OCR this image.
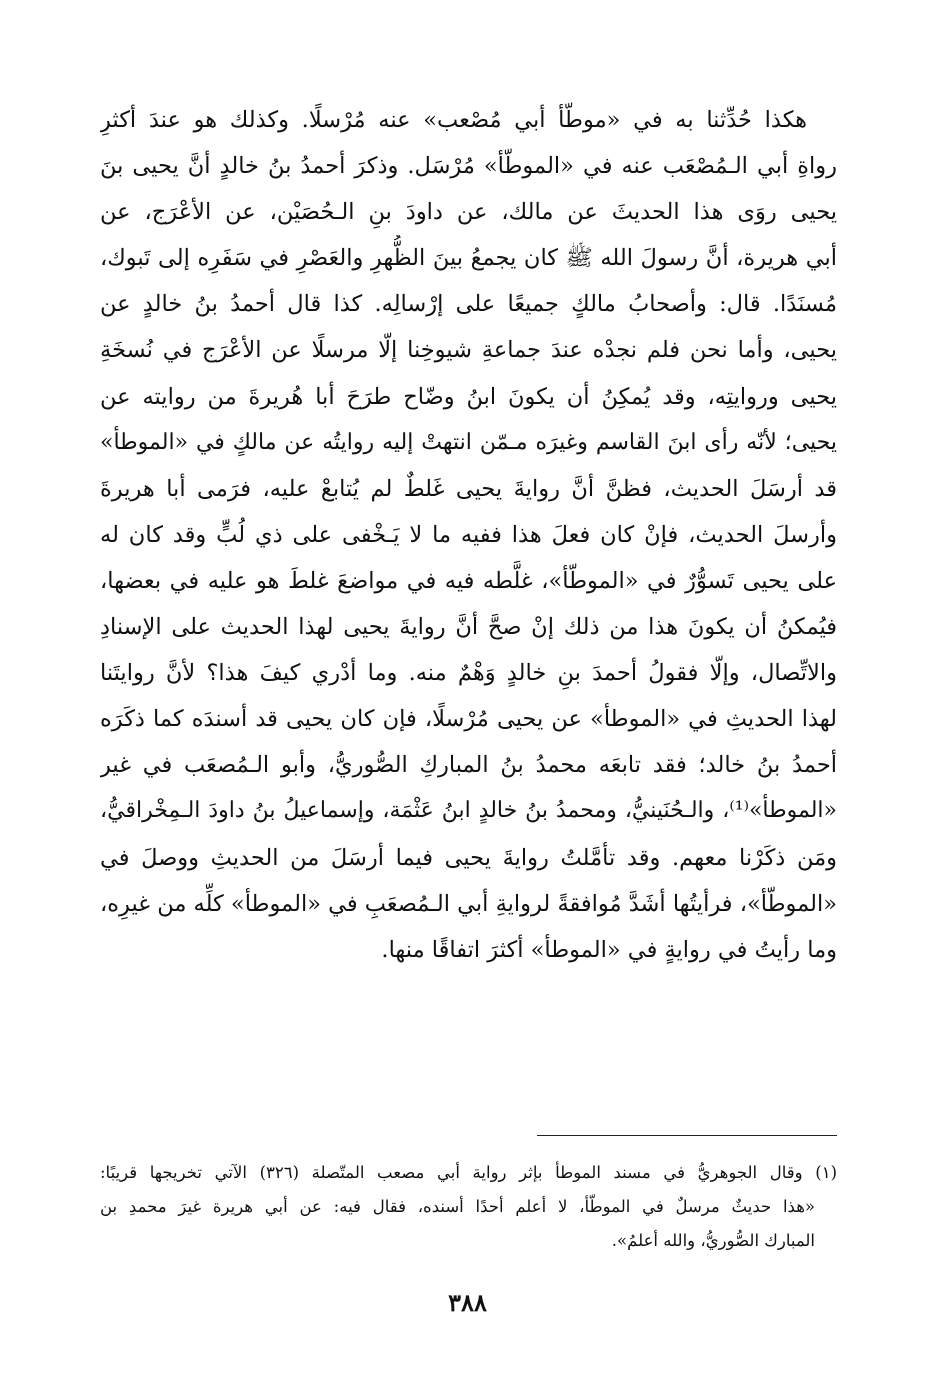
هكذا حُدِّثنا به في «موطّأ أبي مُصْعب» عنه مُرْسلًا. وكذلك هو عندَ أكثرِ
رواةِ أبي الـمُصْعَب عنه في «الموطّأ» مُرْسَل. وذكرَ أحمدُ بنُ خالدٍ أنَّ يحيى بنَ
يحيى روَى هذا الحديثَ عن مالك، عن داودَ بنِ الـحُصَيْن، عن الأعْرَج، عن
أبي هريرة، أنَّ رسولَ الله ﷺ كان يجمعُ بينَ الظُّهرِ والعَصْرِ في سَفَرِه إلى تَبوك،
مُسنَدًا. قال: وأصحابُ مالكٍ جميعًا على إرْسالِه. كذا قال أحمدُ بنُ خالدٍ عن
يحيى، وأما نحن فلم نجدْه عندَ جماعةِ شيوخِنا إلّا مرسلًا عن الأعْرَج في نُسخَةِ
يحيى وروايتِه، وقد يُمكِنُ أن يكونَ ابنُ وضّاح طرَحَ أبا هُريرةَ من روايته عن
يحيى؛ لأنّه رأى ابنَ القاسم وغيرَه مـمّن انتهتْ إليه روايتُه عن مالكٍ في «الموطأ»
قد أرسَلَ الحديث، فظنَّ أنَّ روايةَ يحيى غَلطٌ لم يُتابعْ عليه، فرَمى أبا هريرةَ
وأرسلَ الحديث، فإنْ كان فعلَ هذا ففيه ما لا يَـخْفى على ذي لُبٍّ وقد كان له
على يحيى تَسوُّرٌ في «الموطّأ»، غلَّطه فيه في مواضعَ غلطَ هو عليه في بعضها،
فيُمكنُ أن يكونَ هذا من ذلك إنْ صحَّ أنَّ روايةَ يحيى لهذا الحديث على الإسنادِ
والاتِّصال، وإلّا فقولُ أحمدَ بنِ خالدٍ وَهْمٌ منه. وما أدْري كيفَ هذا؟ لأنَّ روايتَنا
لهذا الحديثِ في «الموطأ» عن يحيى مُرْسلًا، فإن كان يحيى قد أسندَه كما ذكَرَه
أحمدُ بنُ خالد؛ فقد تابعَه محمدُ بنُ المباركِ الصُّوريُّ، وأبو الـمُصعَب في غير
«الموطأ»⁽¹⁾، والـحُنَينيُّ، ومحمدُ بنُ خالدٍ ابنُ عَثْمَة، وإسماعيلُ بنُ داودَ الـمِخْراقيُّ،
ومَن ذكَرْنا معهم. وقد تأمَّلتُ روايةَ يحيى فيما أرسَلَ من الحديثِ ووصلَ في
«الموطّأ»، فرأيتُها أشَدَّ مُوافقةً لروايةِ أبي الـمُصعَبِ في «الموطأ» كلِّه من غيرِه،
وما رأيتُ في روايةٍ في «الموطأ» أكثرَ اتفاقًا منها.
(١) وقال الجوهريُّ في مسند الموطأ بإثر رواية أبي مصعب المتّصلة (٣٢٦) الآتي تخريجها قريبًا:
«هذا حديثٌ مرسلٌ في الموطّأ، لا أعلم أحدًا أسنده، فقال فيه: عن أبي هريرة غيرَ محمدِ بن
المبارك الصُّوريُّ، والله أعلمُ».
٣٨٨
